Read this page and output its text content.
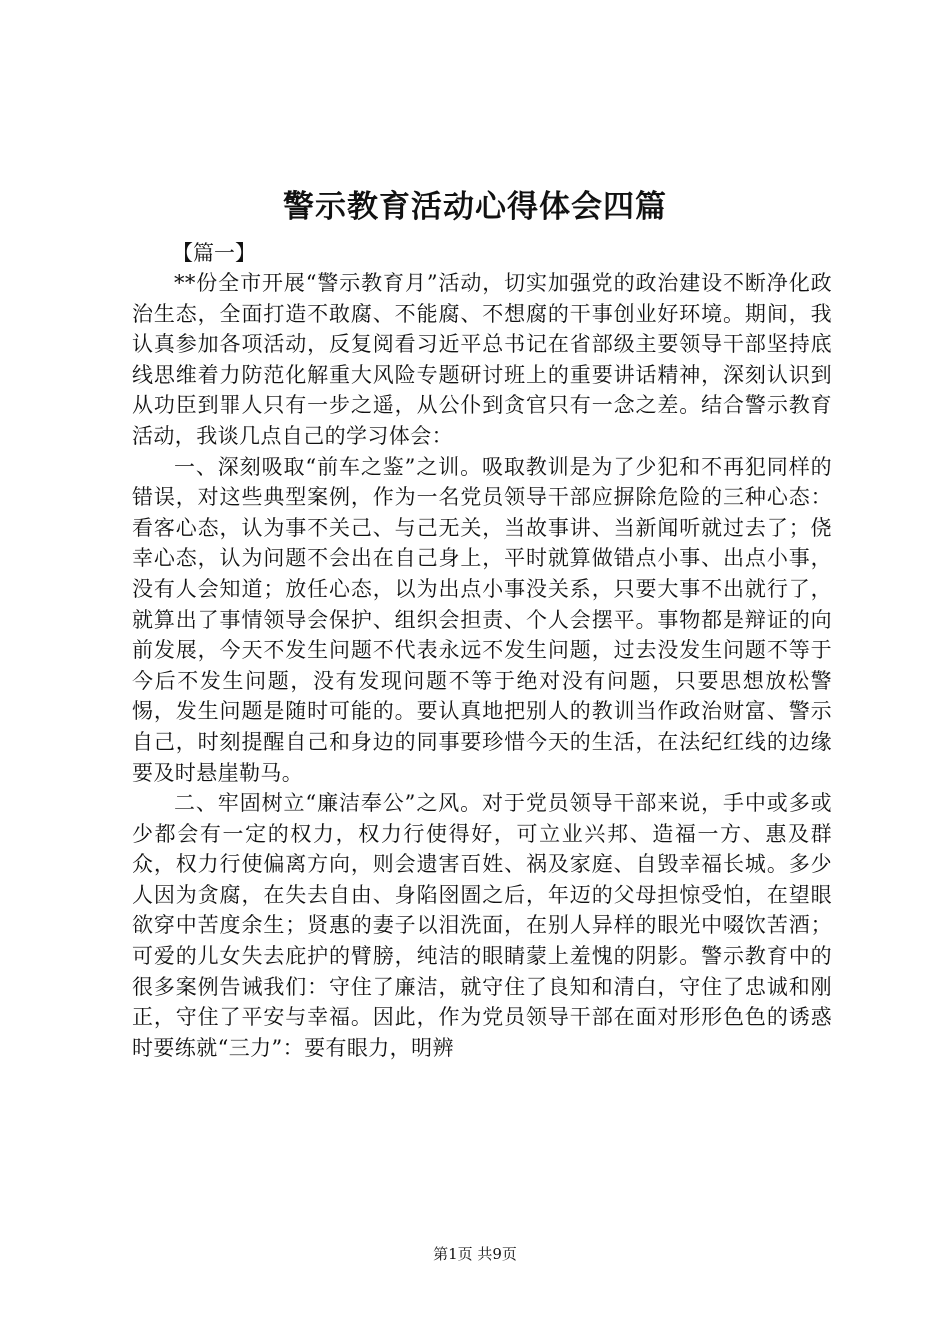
警示教育活动心得体会四篇
【篇一】

**份全市开展“警示教育月”活动，切实加强党的政治建设不断净化政治生态，全面打造不敢腐、不能腐、不想腐的干事创业好环境。期间，我认真参加各项活动，反复阅看习近平总书记在省部级主要领导干部坚持底线思维着力防范化解重大风险专题研讨班上的重要讲话精神，深刻认识到从功臣到罪人只有一步之遥，从公仆到贪官只有一念之差。结合警示教育活动，我谈几点自己的学习体会：

一、深刻吸取“前车之鉴”之训。吸取教训是为了少犯和不再犯同样的错误，对这些典型案例，作为一名党员领导干部应摒除危险的三种心态：看客心态，认为事不关己、与己无关，当故事讲、当新闻听就过去了；侥幸心态，认为问题不会出在自己身上，平时就算做错点小事、出点小事，没有人会知道；放任心态，以为出点小事没关系，只要大事不出就行了，就算出了事情领导会保护、组织会担责、个人会摆平。事物都是辩证的向前发展，今天不发生问题不代表永远不发生问题，过去没发生问题不等于今后不发生问题，没有发现问题不等于绝对没有问题，只要思想放松警惕，发生问题是随时可能的。要认真地把别人的教训当作政治财富、警示自己，时刻提醒自己和身边的同事要珍惜今天的生活，在法纪红线的边缘要及时悬崖勒马。

二、牢固树立“廉洁奉公”之风。对于党员领导干部来说，手中或多或少都会有一定的权力，权力行使得好，可立业兴邦、造福一方、惠及群众，权力行使偏离方向，则会遗害百姓、祸及家庭、自毁幸福长城。多少人因为贪腐，在失去自由、身陷囹圄之后，年迈的父母担惊受怕，在望眼欲穿中苦度余生；贤惠的妻子以泪洗面，在别人异样的眼光中啜饮苦酒；可爱的儿女失去庇护的臂膀，纯洁的眼睛蒙上羞愧的阴影。警示教育中的很多案例告诫我们：守住了廉洁，就守住了良知和清白，守住了忠诚和刚正，守住了平安与幸福。因此，作为党员领导干部在面对形形色色的诱惑时要练就“三力”：要有眼力，明辨

第1页 共9页
